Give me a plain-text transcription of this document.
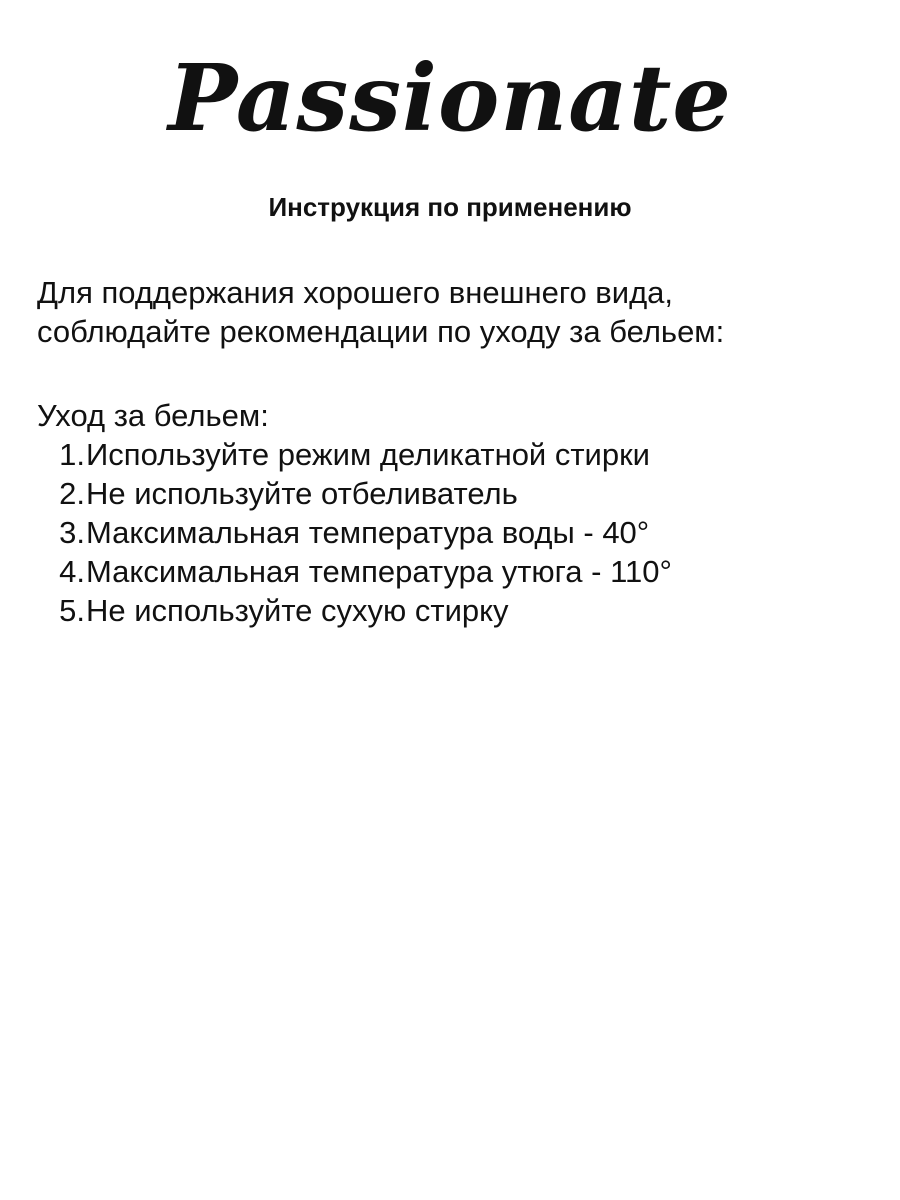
Passionate
Инструкция по применению
Для поддержания хорошего внешнего вида,
соблюдайте рекомендации по уходу за бельем:
Уход за бельем:
1. Используйте режим деликатной стирки
2. Не используйте отбеливатель
3. Максимальная температура воды - 40°
4. Максимальная температура утюга - 110°
5. Не используйте сухую стирку
